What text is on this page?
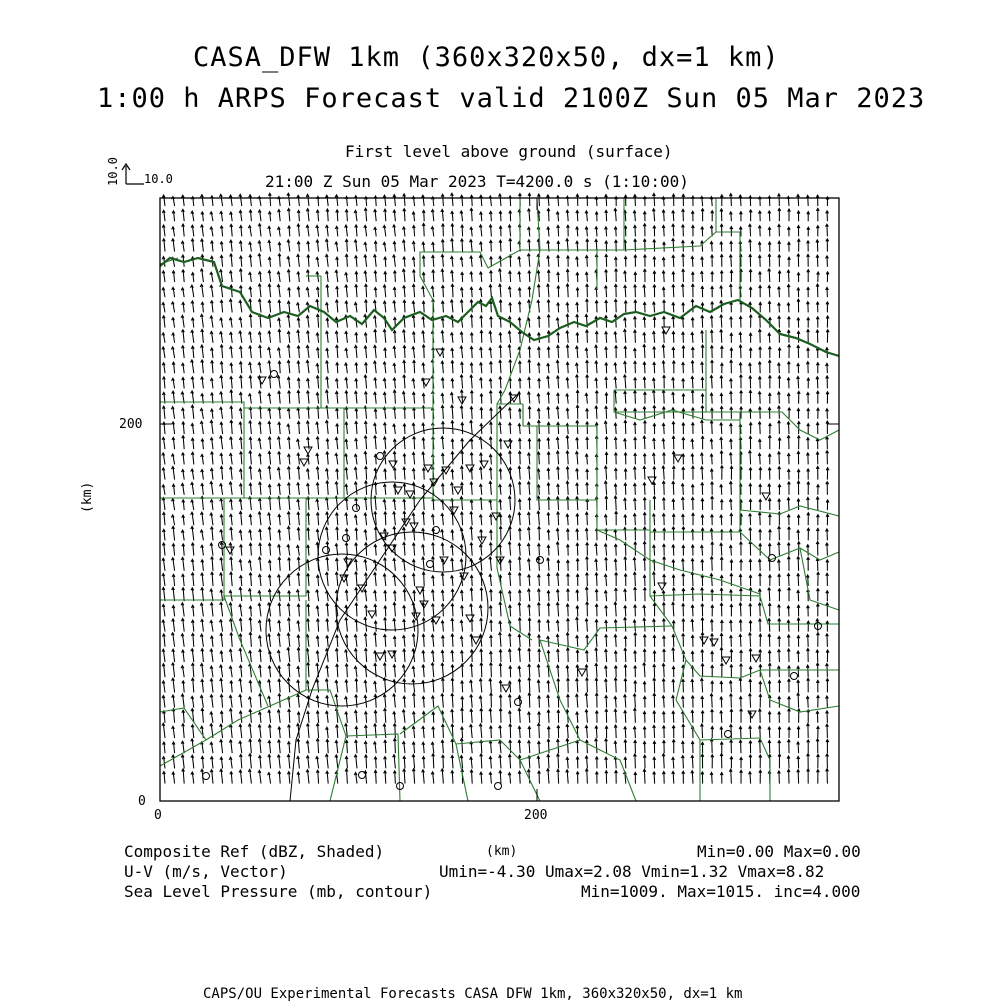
CASA_DFW 1km (360x320x50, dx=1 km)
1:00 h ARPS Forecast valid 2100Z Sun 05 Mar 2023
First level above ground (surface)
21:00 Z Sun 05 Mar 2023 T=4200.0 s (1:10:00)
10.0
10.0
(km)
(km)
200
0
0	200
Composite Ref (dBZ, Shaded)	Min=0.00 Max=0.00
U-V (m/s, Vector)	Umin=-4.30 Umax=2.08 Vmin=1.32 Vmax=8.82
Sea Level Pressure (mb, contour)	Min=1009. Max=1015. inc=4.000
CAPS/OU Experimental Forecasts CASA DFW 1km, 360x320x50, dx=1 km
